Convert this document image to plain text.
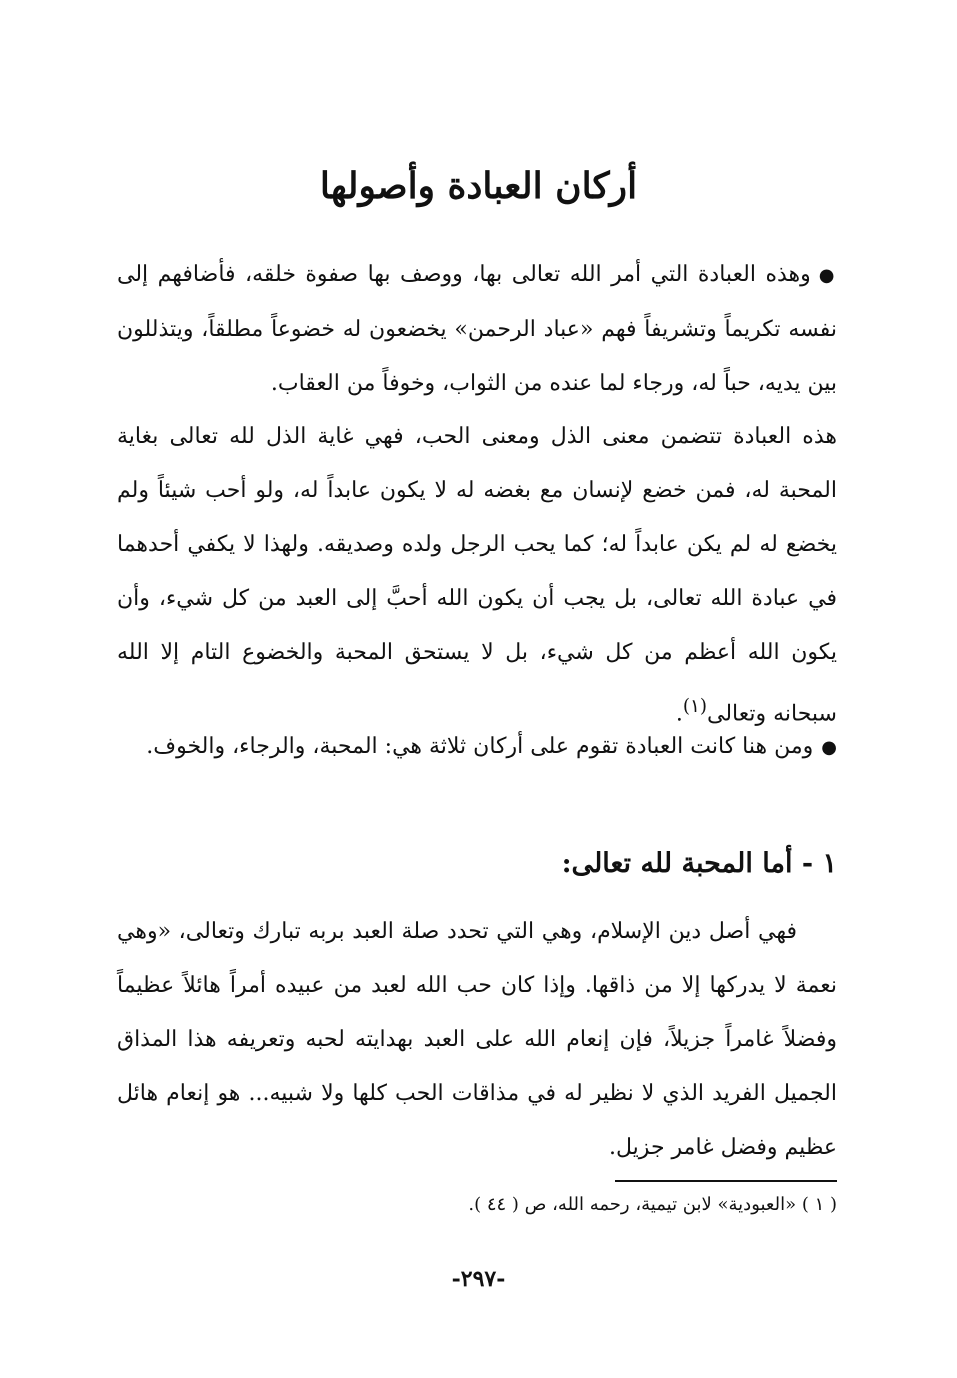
أركان العبادة وأصولها

●وهذه العبادة التي أمر الله تعالى بها، ووصف بها صفوة خلقه، فأضافهم إلى نفسه تكريماً وتشريفاً فهم «عباد الرحمن» يخضعون له خضوعاً مطلقاً، ويتذللون بين يديه، حباً له، ورجاء لما عنده من الثواب، وخوفاً من العقاب.

هذه العبادة تتضمن معنى الذل ومعنى الحب، فهي غاية الذل لله تعالى بغاية المحبة له، فمن خضع لإنسان مع بغضه له لا يكون عابداً له، ولو أحب شيئاً ولم يخضع له لم يكن عابداً له؛ كما يحب الرجل ولده وصديقه. ولهذا لا يكفي أحدهما في عبادة الله تعالى، بل يجب أن يكون الله أحبَّ إلى العبد من كل شيء، وأن يكون الله أعظم من كل شيء، بل لا يستحق المحبة والخضوع التام إلا الله سبحانه وتعالى$^{(١)}$.

●ومن هنا كانت العبادة تقوم على أركان ثلاثة هي: المحبة، والرجاء، والخوف.

١ - أما المحبة لله تعالى:

فهي أصل دين الإسلام، وهي التي تحدد صلة العبد بربه تبارك وتعالى، «وهي نعمة لا يدركها إلا من ذاقها. وإذا كان حب الله لعبد من عبيده أمراً هائلاً عظيماً وفضلاً غامراً جزيلاً، فإن إنعام الله على العبد بهدايته لحبه وتعريفه هذا المذاق الجميل الفريد الذي لا نظير له في مذاقات الحب كلها ولا شبيه... هو إنعام هائل عظيم وفضل غامر جزيل.

( ١ ) «العبودية» لابن تيمية، رحمه الله، ص ( ٤٤ ).

-٢٩٧-
